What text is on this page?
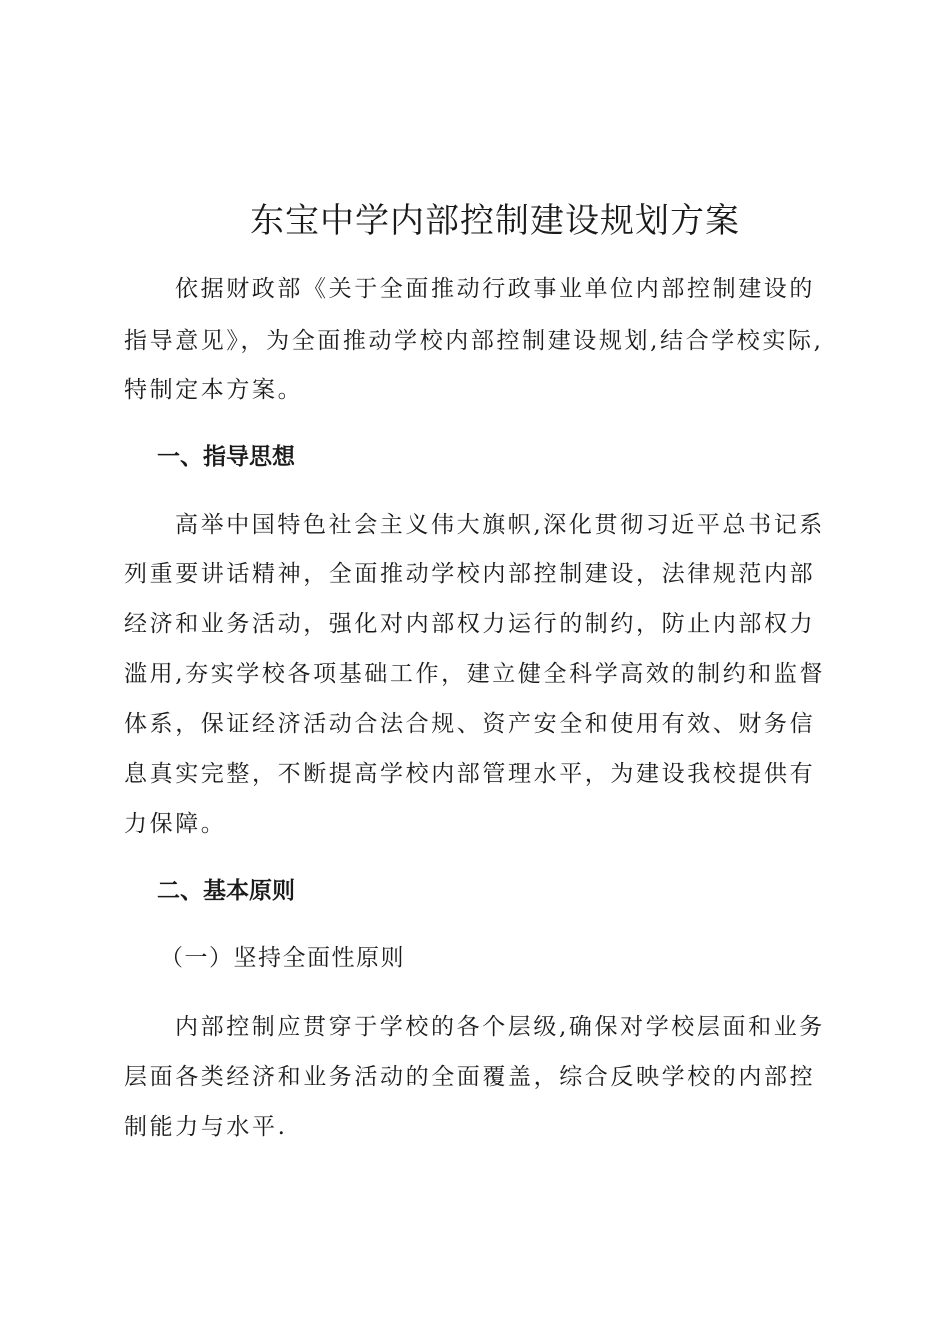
东宝中学内部控制建设规划方案
依据财政部《关于全面推动行政事业单位内部控制建设的
指导意见》，为全面推动学校内部控制建设规划,结合学校实际,
特制定本方案。
一、指导思想
高举中国特色社会主义伟大旗帜,深化贯彻习近平总书记系
列重要讲话精神，全面推动学校内部控制建设，法律规范内部
经济和业务活动，强化对内部权力运行的制约，防止内部权力
滥用,夯实学校各项基础工作，建立健全科学高效的制约和监督
体系，保证经济活动合法合规、资产安全和使用有效、财务信
息真实完整，不断提高学校内部管理水平，为建设我校提供有
力保障。
二、基本原则
（一）坚持全面性原则
内部控制应贯穿于学校的各个层级,确保对学校层面和业务
层面各类经济和业务活动的全面覆盖，综合反映学校的内部控
制能力与水平.
